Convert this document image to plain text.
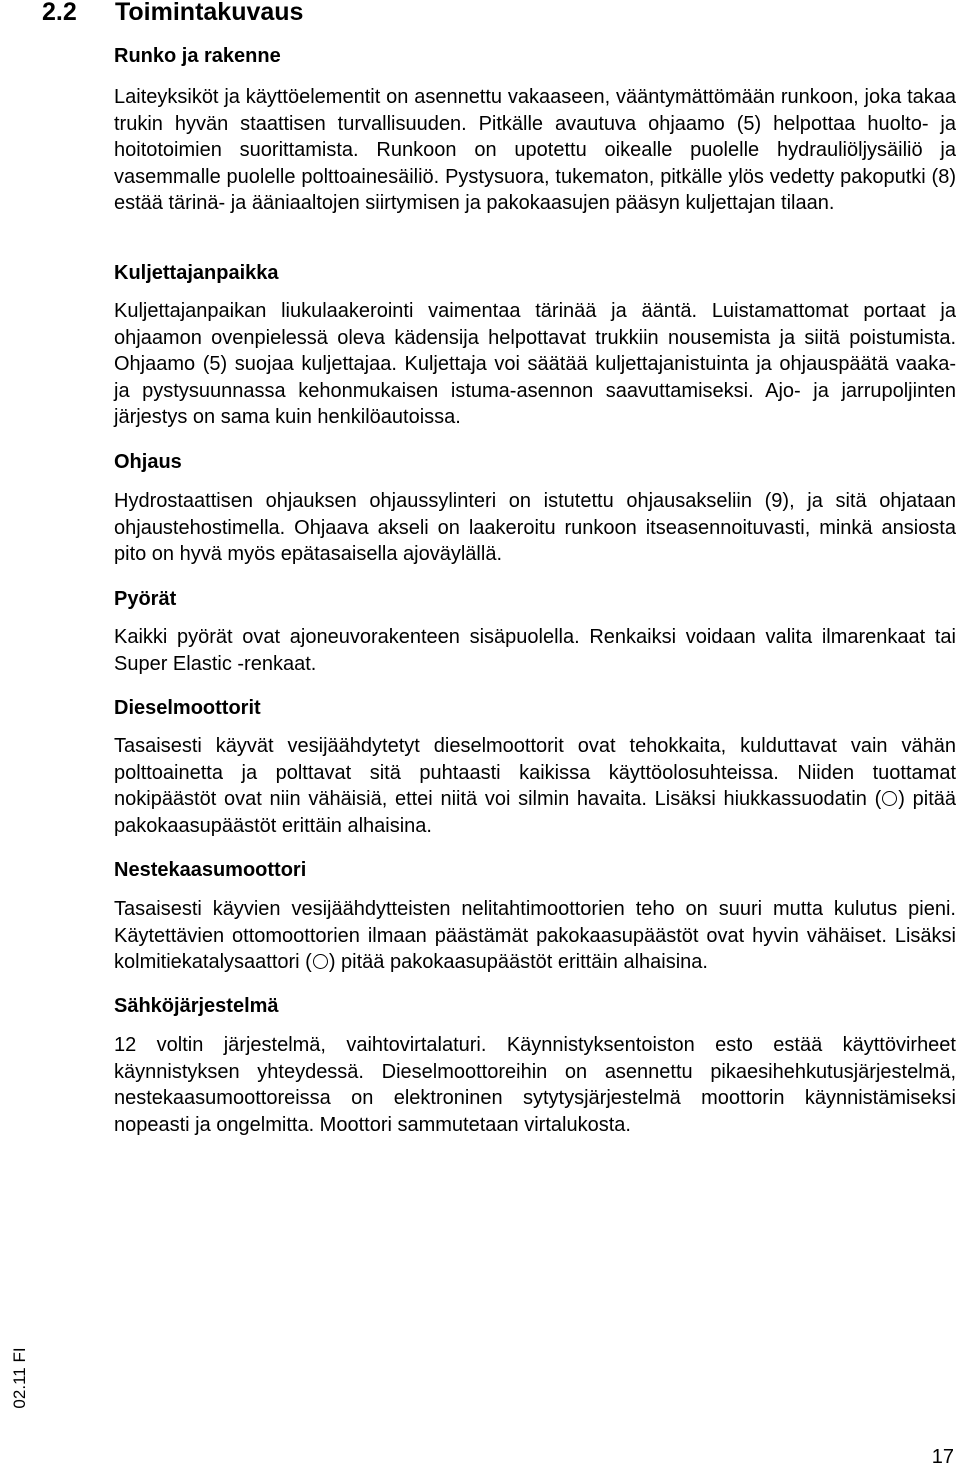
2.2 Toimintakuvaus
Runko ja rakenne

Laiteyksiköt ja käyttöelementit on asennettu vakaaseen, vääntymättömään runkoon, joka takaa trukin hyvän staattisen turvallisuuden. Pitkälle avautuva ohjaamo (5) helpottaa huolto- ja hoitotoimien suorittamista. Runkoon on upotettu oikealle puolelle hydrauliöljysäiliö ja vasemmalle puolelle polttoainesäiliö. Pystysuora, tukematon, pitkälle ylös vedetty pakoputki (8) estää tärinä- ja ääniaaltojen siirtymisen ja pakokaasujen pääsyn kuljettajan tilaan.

Kuljettajanpaikka

Kuljettajanpaikan liukulaakerointi vaimentaa tärinää ja ääntä. Luistamattomat portaat ja ohjaamon ovenpielessä oleva kädensija helpottavat trukkiin nousemista ja siitä poistumista. Ohjaamo (5) suojaa kuljettajaa. Kuljettaja voi säätää kuljettajanistuinta ja ohjauspäätä vaaka- ja pystysuunnassa kehonmukaisen istuma-asennon saavuttamiseksi. Ajo- ja jarrupoljinten järjestys on sama kuin henkilöautoissa.

Ohjaus

Hydrostaattisen ohjauksen ohjaussylinteri on istutettu ohjausakseliin (9), ja sitä ohjataan ohjaustehostimella. Ohjaava akseli on laakeroitu runkoon itseasennoituvasti, minkä ansiosta pito on hyvä myös epätasaisella ajoväylällä.

Pyörät

Kaikki pyörät ovat ajoneuvorakenteen sisäpuolella. Renkaiksi voidaan valita ilmarenkaat tai Super Elastic -renkaat.

Dieselmoottorit

Tasaisesti käyvät vesijäähdytetyt dieselmoottorit ovat tehokkaita, kulduttavat vain vähän polttoainetta ja polttavat sitä puhtaasti kaikissa käyttöolosuhteissa. Niiden tuottamat nokipäästöt ovat niin vähäisiä, ettei niitä voi silmin havaita. Lisäksi hiukkassuodatin ( ) pitää pakokaasupäästöt erittäin alhaisina.

Nestekaasumoottori

Tasaisesti käyvien vesijäähdytteisten nelitahtimoottorien teho on suuri mutta kulutus pieni. Käytettävien ottomoottorien ilmaan päästämät pakokaasupäästöt ovat hyvin vähäiset. Lisäksi kolmitiekatalysaattori ( ) pitää pakokaasupäästöt erittäin alhaisina.

Sähköjärjestelmä

12 voltin järjestelmä, vaihtovirtalaturi. Käynnistyksentoiston esto estää käyttövirheet käynnistyksen yhteydessä. Dieselmoottoreihin on asennettu pikaesihehkutusjärjestelmä, nestekaasumoottoreissa on elektroninen sytytysjärjestelmä moottorin käynnistämiseksi nopeasti ja ongelmitta. Moottori sammutetaan virtalukosta.

02.11 FI
17
